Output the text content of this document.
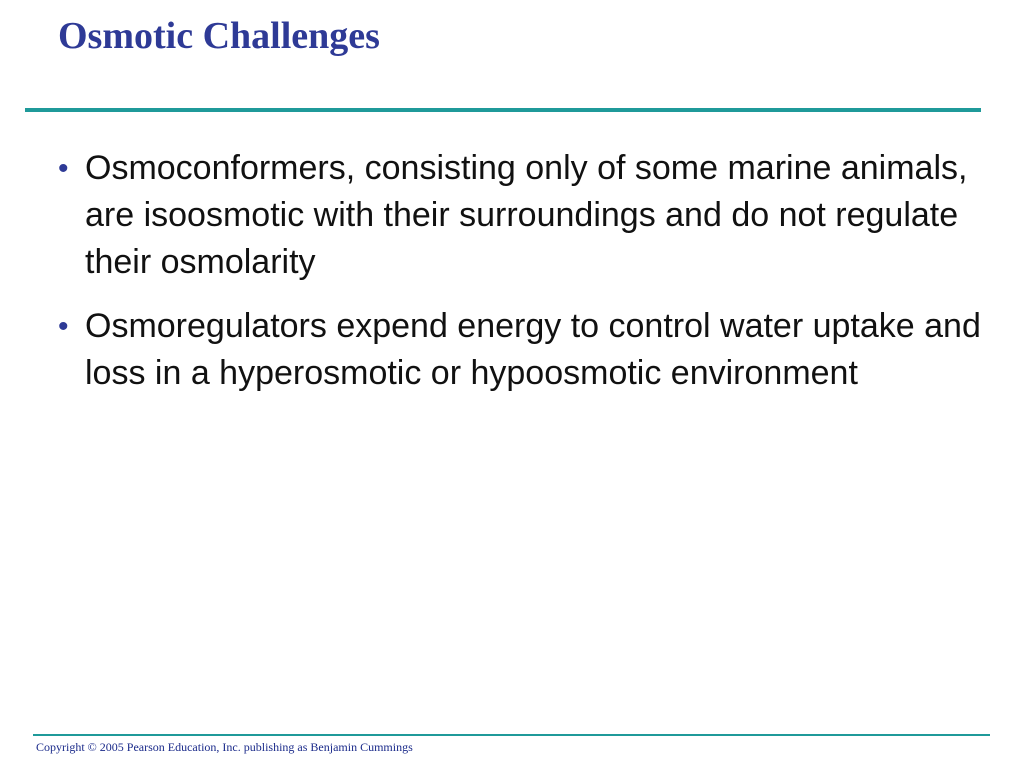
Osmotic Challenges
• Osmoconformers, consisting only of some marine animals, are isoosmotic with their surroundings and do not regulate their osmolarity
• Osmoregulators expend energy to control water uptake and loss in a hyperosmotic or hypoosmotic environment
Copyright © 2005 Pearson Education, Inc. publishing as Benjamin Cummings
